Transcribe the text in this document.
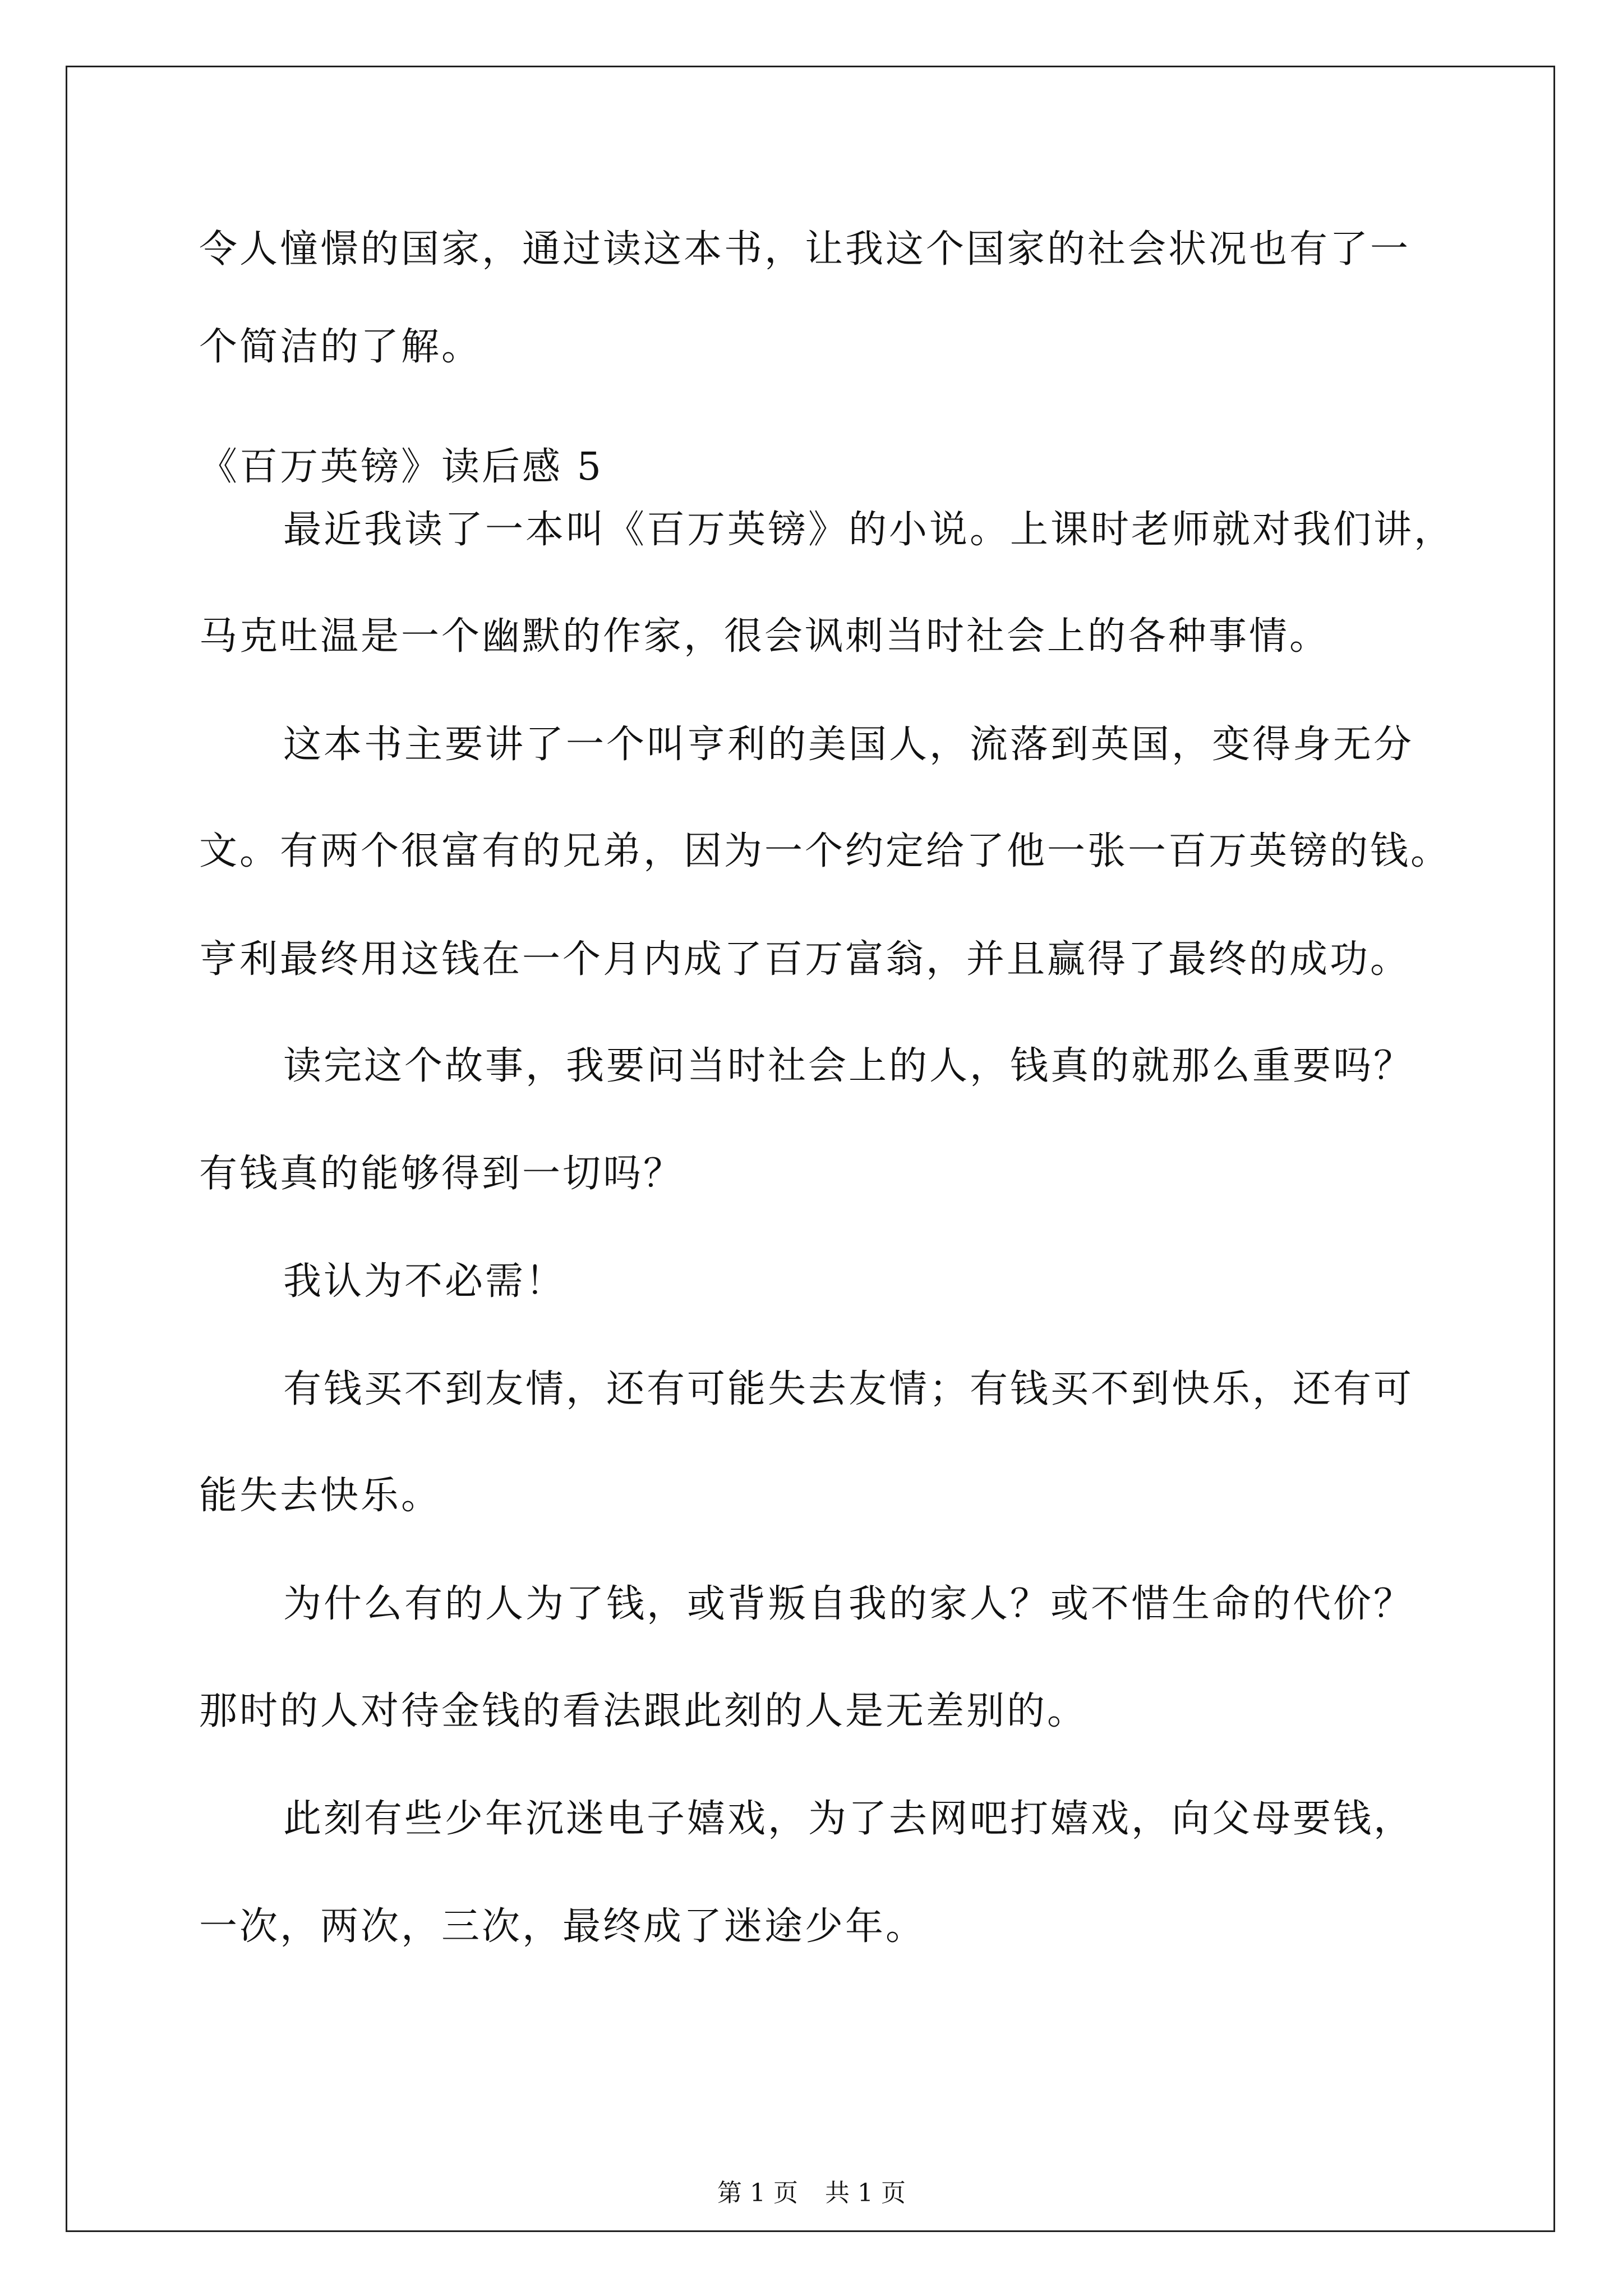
令人憧憬的国家，通过读这本书，让我这个国家的社会状况也有了一
个简洁的了解。
《百万英镑》读后感 5
最近我读了一本叫《百万英镑》的小说。上课时老师就对我们讲，
马克吐温是一个幽默的作家，很会讽刺当时社会上的各种事情。
这本书主要讲了一个叫亨利的美国人，流落到英国，变得身无分
文。有两个很富有的兄弟，因为一个约定给了他一张一百万英镑的钱。
亨利最终用这钱在一个月内成了百万富翁，并且赢得了最终的成功。
读完这个故事，我要问当时社会上的人，钱真的就那么重要吗？
有钱真的能够得到一切吗？
我认为不必需！
有钱买不到友情，还有可能失去友情；有钱买不到快乐，还有可
能失去快乐。
为什么有的人为了钱，或背叛自我的家人？或不惜生命的代价？
那时的人对待金钱的看法跟此刻的人是无差别的。
此刻有些少年沉迷电子嬉戏，为了去网吧打嬉戏，向父母要钱，
一次，两次，三次，最终成了迷途少年。
第 1 页 共 1 页
